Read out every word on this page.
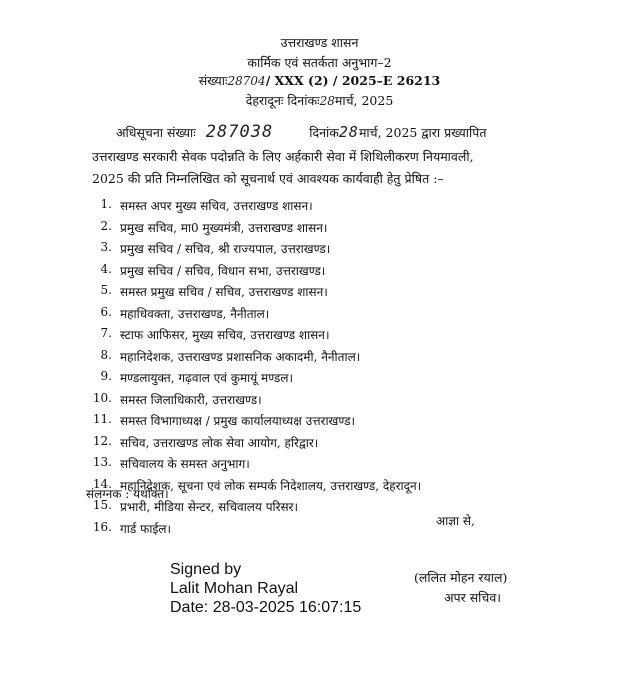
उत्तराखण्ड शासन
कार्मिक एवं सतर्कता अनुभाग–2
संख्याः28704/ XXX (2) / 2025–E 26213
देहरादूनः दिनांकः28मार्च, 2025
अधिसूचना संख्याः 287038	दिनांक28मार्च, 2025 द्वारा प्रख्यापित
उत्तराखण्ड सरकारी सेवक पदोन्नति के लिए अर्हकारी सेवा में शिथिलीकरण नियमावली,
2025 की प्रति निम्नलिखित को सूचनार्थ एवं आवश्यक कार्यवाही हेतु प्रेषित :–
1. समस्त अपर मुख्य सचिव, उत्तराखण्ड शासन।
2. प्रमुख सचिव, मा0 मुख्यमंत्री, उत्तराखण्ड शासन।
3. प्रमुख सचिव / सचिव, श्री राज्यपाल, उत्तराखण्ड।
4. प्रमुख सचिव / सचिव, विधान सभा, उत्तराखण्ड।
5. समस्त प्रमुख सचिव / सचिव, उत्तराखण्ड शासन।
6. महाधिवक्ता, उत्तराखण्ड, नैनीताल।
7. स्टाफ आफिसर, मुख्य सचिव, उत्तराखण्ड शासन।
8. महानिदेशक, उत्तराखण्ड प्रशासनिक अकादमी, नैनीताल।
9. मण्डलायुक्त, गढ़वाल एवं कुमायूं मण्डल।
10. समस्त जिलाधिकारी, उत्तराखण्ड।
11. समस्त विभागाध्यक्ष / प्रमुख कार्यालयाध्यक्ष उत्तराखण्ड।
12. सचिव, उत्तराखण्ड लोक सेवा आयोग, हरिद्वार।
13. सचिवालय के समस्त अनुभाग।
14. महानिदेशक, सूचना एवं लोक सम्पर्क निदेशालय, उत्तराखण्ड, देहरादून।
15. प्रभारी, मीडिया सेन्टर, सचिवालय परिसर।
16. गार्ड फाईल।
संलग्नक : यथोक्त।
आज्ञा से,
Signed by
Lalit Mohan Rayal
Date: 28-03-2025 16:07:15
(ललित मोहन रयाल)
अपर सचिव।
